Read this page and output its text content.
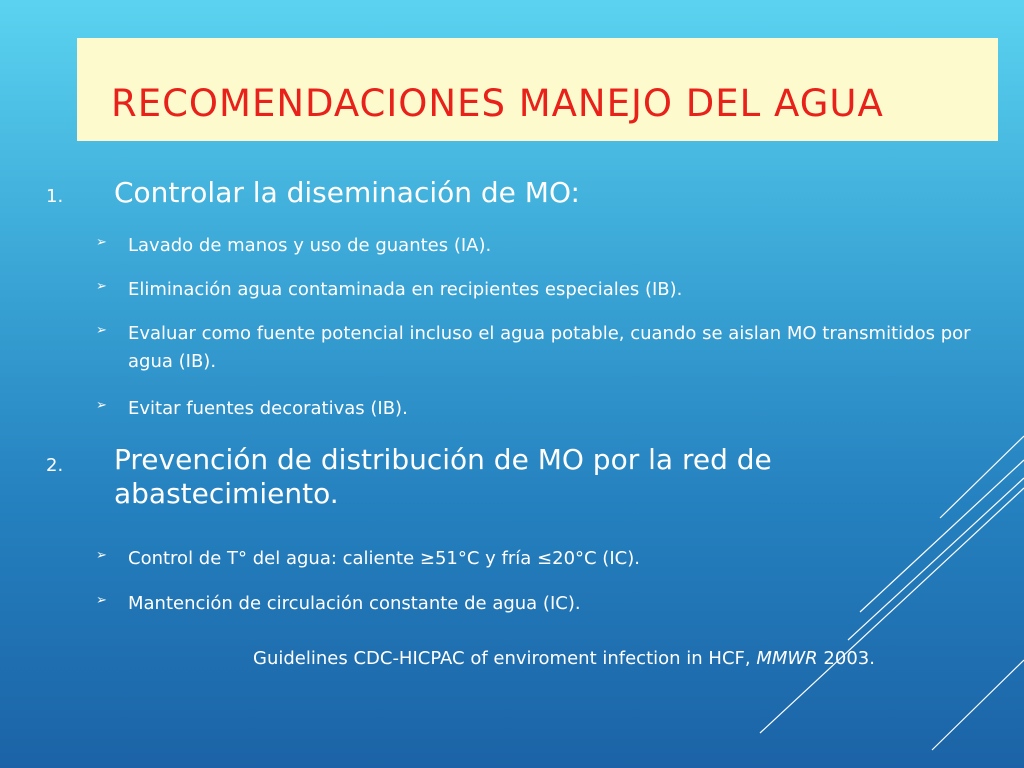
RECOMENDACIONES MANEJO DEL AGUA
1. Controlar la diseminación de MO:
➢ Lavado de manos y uso de guantes (IA).
➢ Eliminación agua contaminada en recipientes especiales (IB).
➢ Evaluar como fuente potencial incluso el agua potable, cuando se aislan MO transmitidos por agua (IB).
➢ Evitar fuentes decorativas (IB).
2. Prevención de distribución de MO por la red de abastecimiento.
➢ Control de T° del agua: caliente ≥51°C y fría ≤20°C (IC).
➢ Mantención de circulación constante de agua (IC).
Guidelines CDC-HICPAC of enviroment infection in HCF, MMWR 2003.
